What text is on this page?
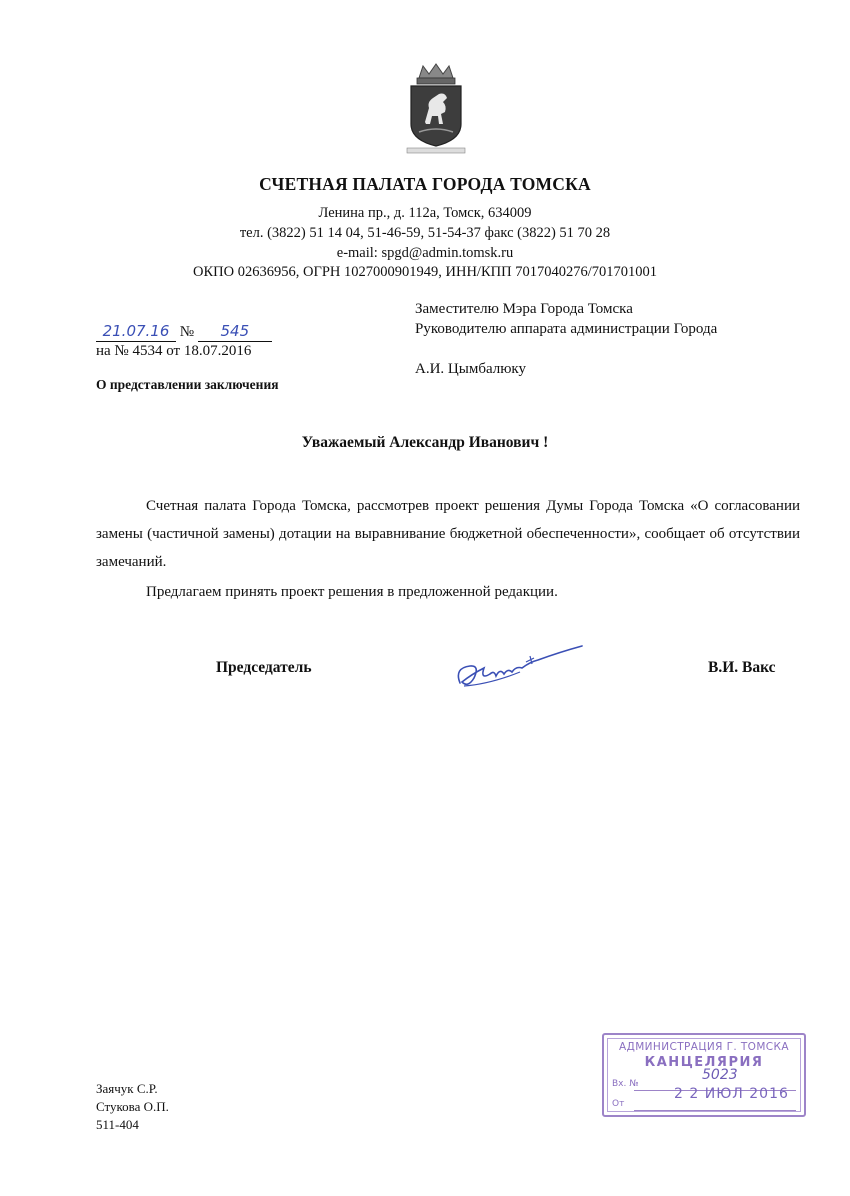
СЧЕТНАЯ ПАЛАТА ГОРОДА ТОМСКА
Ленина пр., д. 112а, Томск, 634009
тел. (3822) 51 14 04, 51-46-59, 51-54-37 факс (3822) 51 70 28
e-mail: spgd@admin.tomsk.ru
ОКПО 02636956, ОГРН 1027000901949, ИНН/КПП 7017040276/701701001
Заместителю Мэра Города Томска
Руководителю аппарата администрации Города
А.И. Цымбалюку
21.07.16 № 545
на № 4534 от 18.07.2016
О представлении заключения
Уважаемый Александр Иванович !

Счетная палата Города Томска, рассмотрев проект решения Думы Города Томска «О согласовании замены (частичной замены) дотации на выравнивание бюджетной обеспеченности», сообщает об отсутствии замечаний.

Предлагаем принять проект решения в предложенной редакции.

Председатель	В.И. Вакс
Заячук С.Р.
Стукова О.П.
511-404
АДМИНИСТРАЦИЯ Г. ТОМСКА
КАНЦЕЛЯРИЯ
Вх. №
5023
От
2 2 ИЮЛ 2016
